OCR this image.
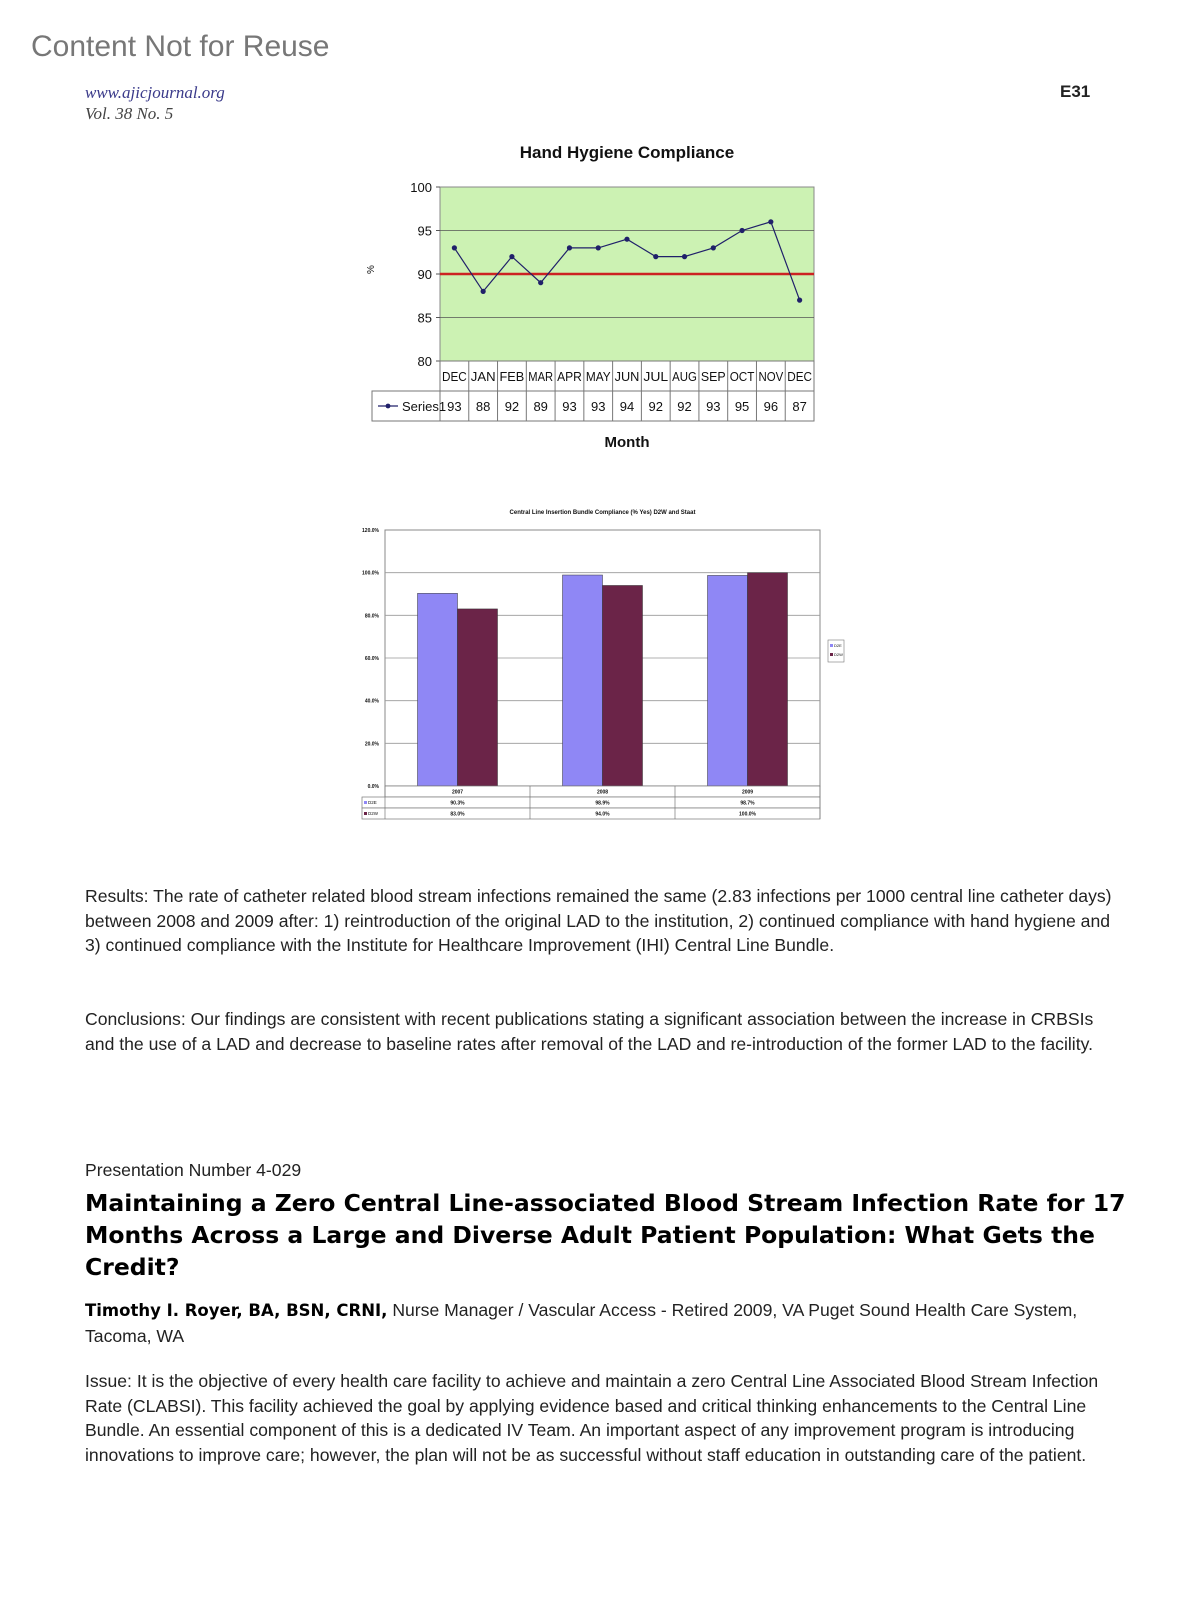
Content Not for Reuse
www.ajicjournal.org
Vol. 38 No. 5
E31
Hand Hygiene Compliance
80
85
90
95
100
%
DEC JAN FEB MAR APR MAY JUN JUL AUG SEP OCT NOV DEC
93 88 92 89 93 93 94 92 92 93 95 96 87
Series1
Month
Central Line Insertion Bundle Compliance (% Yes) D2W and Staat
0.0%
20.0%
40.0%
60.0%
80.0%
100.0%
120.0%
D2E
D2W
D2E
D2W
2007
90.3%
83.0%
2008
98.9%
94.0%
2009
98.7%
100.0%
Results: The rate of catheter related blood stream infections remained the same (2.83 infections per 1000 central line catheter days) between 2008 and 2009 after: 1) reintroduction of the original LAD to the institution, 2) continued compliance with hand hygiene and 3) continued compliance with the Institute for Healthcare Improvement (IHI) Central Line Bundle.
Conclusions: Our findings are consistent with recent publications stating a significant association between the increase in CRBSIs and the use of a LAD and decrease to baseline rates after removal of the LAD and re-introduction of the former LAD to the facility.
Presentation Number 4-029
Maintaining a Zero Central Line-associated Blood Stream Infection Rate for 17 Months Across a Large and Diverse Adult Patient Population: What Gets the Credit?
Timothy I. Royer, BA, BSN, CRNI, Nurse Manager / Vascular Access - Retired 2009, VA Puget Sound Health Care System, Tacoma, WA
Issue: It is the objective of every health care facility to achieve and maintain a zero Central Line Associated Blood Stream Infection Rate (CLABSI). This facility achieved the goal by applying evidence based and critical thinking enhancements to the Central Line Bundle. An essential component of this is a dedicated IV Team. An important aspect of any improvement program is introducing innovations to improve care; however, the plan will not be as successful without staff education in outstanding care of the patient.
